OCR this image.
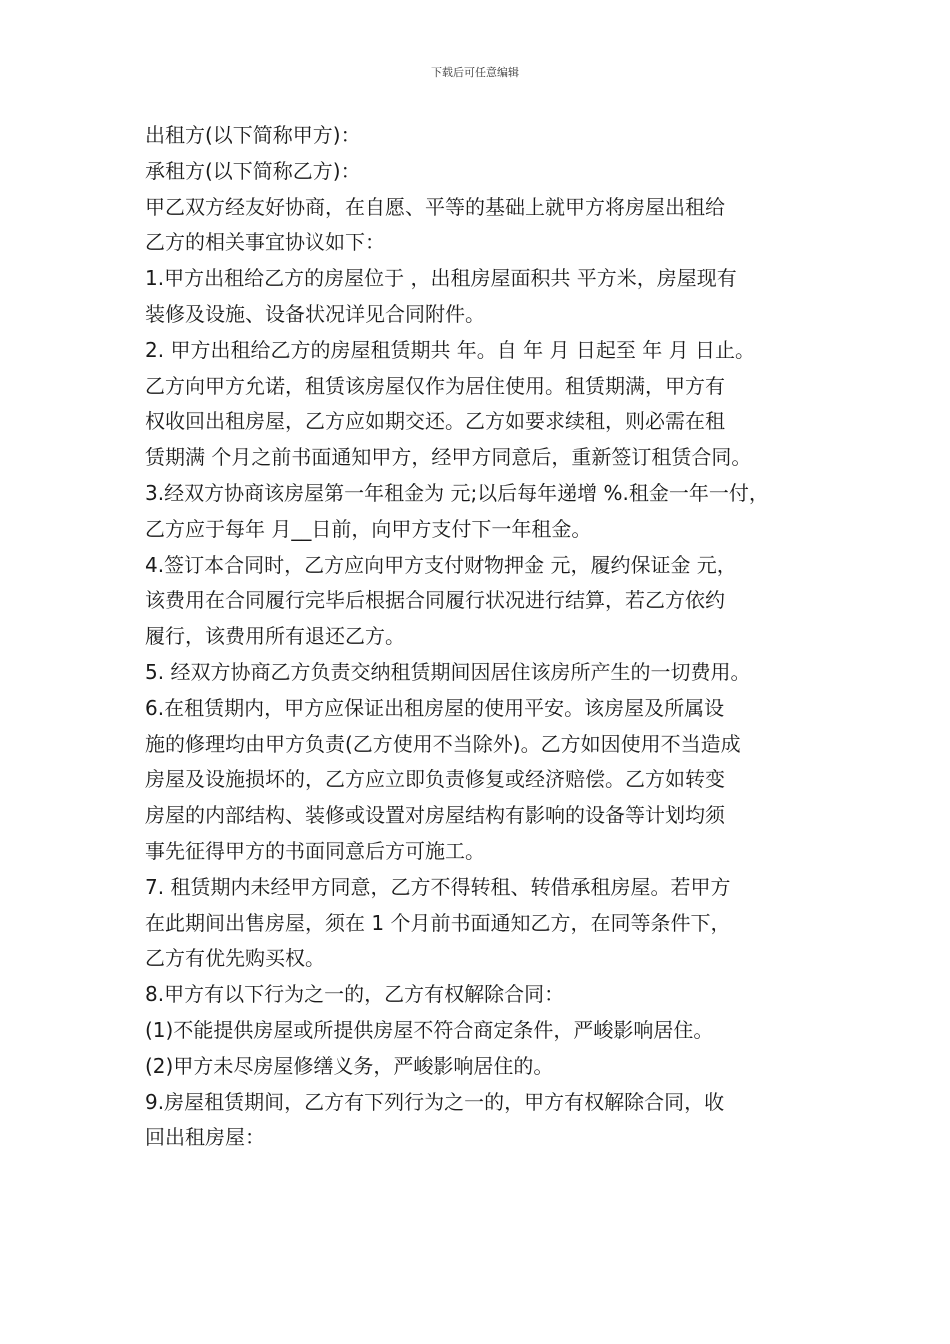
下载后可任意编辑
出租方(以下简称甲方)：
承租方(以下简称乙方)：
甲乙双方经友好协商，在自愿、平等的基础上就甲方将房屋出租给
乙方的相关事宜协议如下：
1.甲方出租给乙方的房屋位于 ，出租房屋面积共 平方米，房屋现有
装修及设施、设备状况详见合同附件。
2. 甲方出租给乙方的房屋租赁期共 年。自 年 月 日起至 年 月 日止。
乙方向甲方允诺，租赁该房屋仅作为居住使用。租赁期满，甲方有
权收回出租房屋，乙方应如期交还。乙方如要求续租，则必需在租
赁期满 个月之前书面通知甲方，经甲方同意后，重新签订租赁合同。
3.经双方协商该房屋第一年租金为 元;以后每年递增 %.租金一年一付，
乙方应于每年 月__日前，向甲方支付下一年租金。
4.签订本合同时，乙方应向甲方支付财物押金 元，履约保证金 元，
该费用在合同履行完毕后根据合同履行状况进行结算，若乙方依约
履行，该费用所有退还乙方。
5. 经双方协商乙方负责交纳租赁期间因居住该房所产生的一切费用。
6.在租赁期内，甲方应保证出租房屋的使用平安。该房屋及所属设
施的修理均由甲方负责(乙方使用不当除外)。乙方如因使用不当造成
房屋及设施损坏的，乙方应立即负责修复或经济赔偿。乙方如转变
房屋的内部结构、装修或设置对房屋结构有影响的设备等计划均须
事先征得甲方的书面同意后方可施工。
7. 租赁期内未经甲方同意，乙方不得转租、转借承租房屋。若甲方
在此期间出售房屋，须在 1 个月前书面通知乙方，在同等条件下，
乙方有优先购买权。
8.甲方有以下行为之一的，乙方有权解除合同：
(1)不能提供房屋或所提供房屋不符合商定条件，严峻影响居住。
(2)甲方未尽房屋修缮义务，严峻影响居住的。
9.房屋租赁期间，乙方有下列行为之一的，甲方有权解除合同，收
回出租房屋：
